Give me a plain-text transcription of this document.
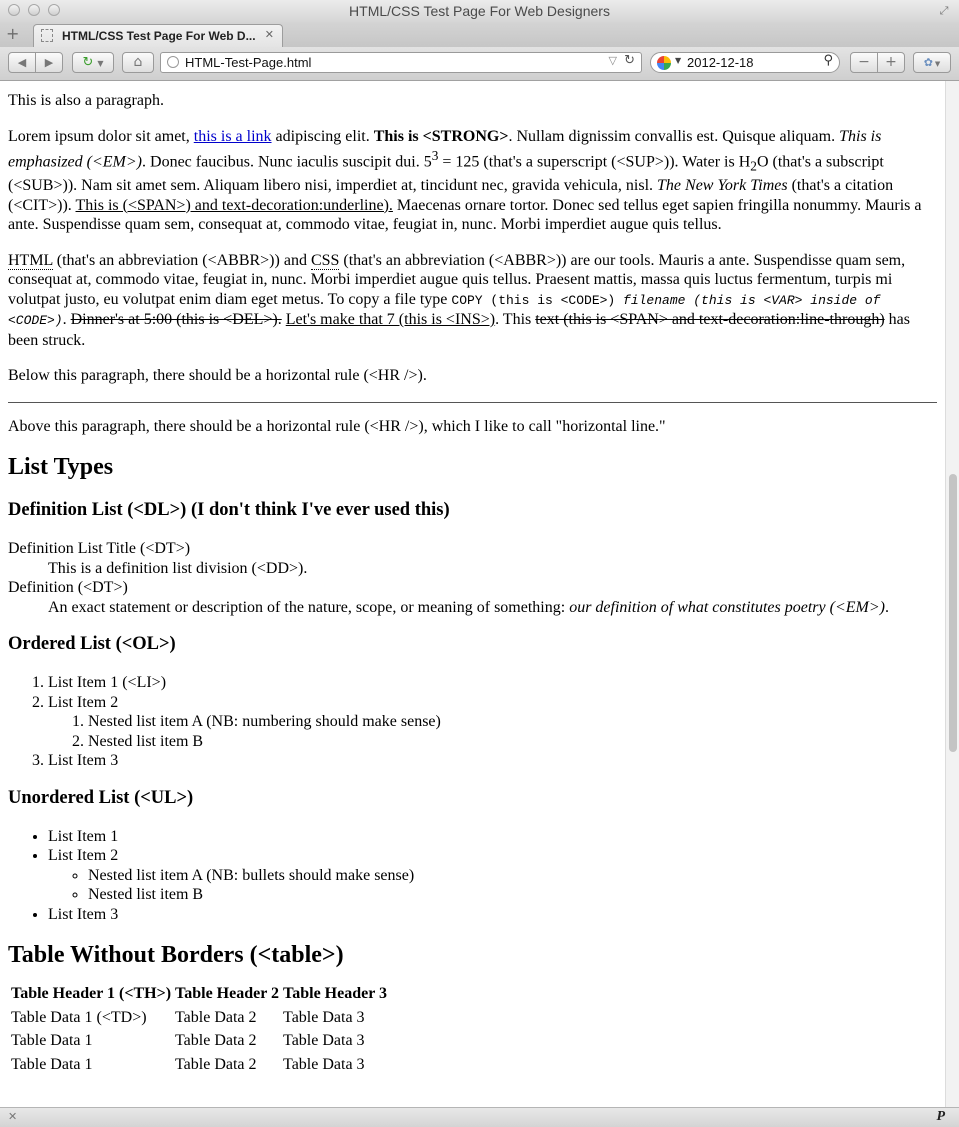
HTML/CSS Test Page For Web Designers	⤢
+	HTML/CSS Test Page For Web D... ✕
◀	▶	↻ ▼	⌂	HTML-Test-Page.html	▽ ↻	▼ 2012-12-18	⚲	−	+	✿ ▼

This is also a paragraph.

Lorem ipsum dolor sit amet, this is a link adipiscing elit. This is <STRONG>. Nullam dignissim convallis est. Quisque aliquam. This is emphasized (<EM>). Donec faucibus. Nunc iaculis suscipit dui. $5^3 = 125$ (that's a superscript (<SUP>)). Water is $H_2O$ (that's a subscript (<SUB>)). Nam sit amet sem. Aliquam libero nisi, imperdiet at, tincidunt nec, gravida vehicula, nisl. The New York Times (that's a citation (<CIT>)). This is (<SPAN>) and text-decoration:underline). Maecenas ornare tortor. Donec sed tellus eget sapien fringilla nonummy. Mauris a ante. Suspendisse quam sem, consequat at, commodo vitae, feugiat in, nunc. Morbi imperdiet augue quis tellus.

HTML (that's an abbreviation (<ABBR>)) and CSS (that's an abbreviation (<ABBR>)) are our tools. Mauris a ante. Suspendisse quam sem, consequat at, commodo vitae, feugiat in, nunc. Morbi imperdiet augue quis tellus. Praesent mattis, massa quis luctus fermentum, turpis mi volutpat justo, eu volutpat enim diam eget metus. To copy a file type COPY (this is <CODE>) filename (this is <VAR> inside of <CODE>). Dinner's at 5:00 (this is <DEL>). Let's make that 7 (this is <INS>). This text (this is <SPAN> and text-decoration:line-through) has been struck.

Below this paragraph, there should be a horizontal rule (<HR />).

Above this paragraph, there should be a horizontal rule (<HR />), which I like to call "horizontal line."

List Types
Definition List (<DL>) (I don't think I've ever used this)
Definition List Title (<DT>)
This is a definition list division (<DD>).
Definition (<DT>)
An exact statement or description of the nature, scope, or meaning of something: our definition of what constitutes poetry (<EM>).
Ordered List (<OL>)
1. List Item 1 (<LI>)
2. List Item 2
1. Nested list item A (NB: numbering should make sense)
2. Nested list item B
3. List Item 3
Unordered List (<UL>)
• List Item 1
• List Item 2
◦ Nested list item A (NB: bullets should make sense)
◦ Nested list item B
• List Item 3
Table Without Borders (<table>)
Table Header 1 (<TH>)	Table Header 2	Table Header 3
Table Data 1 (<TD>)	Table Data 2	Table Data 3
Table Data 1	Table Data 2	Table Data 3
Table Data 1	Table Data 2	Table Data 3
✕	P
